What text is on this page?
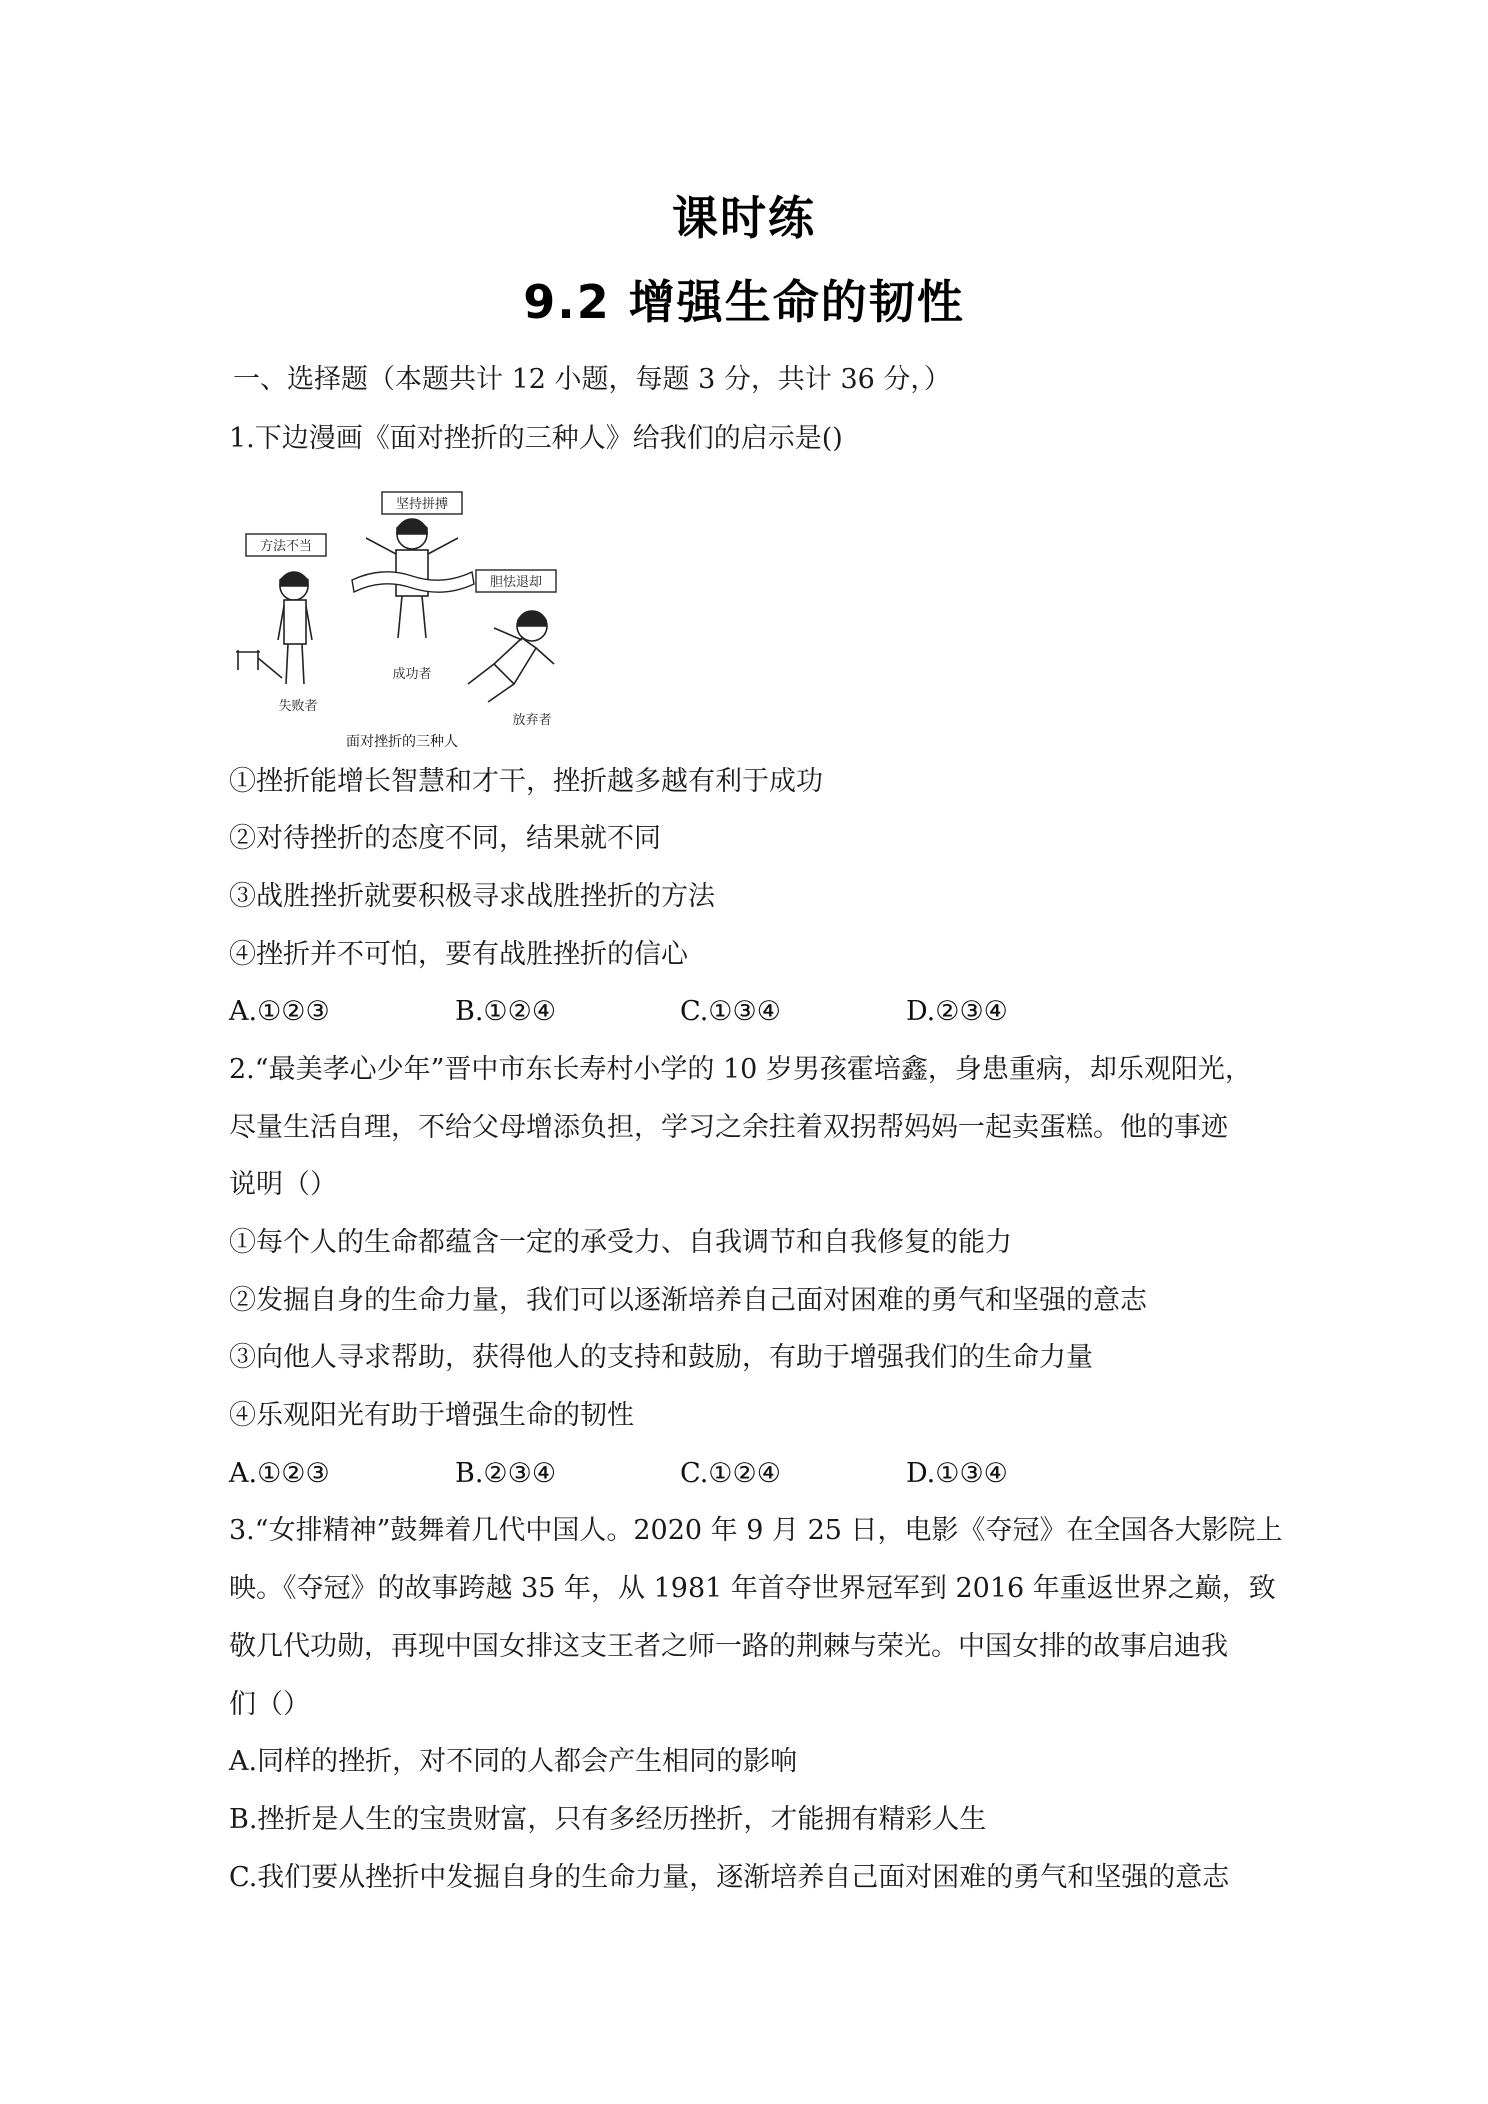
课时练
9.2 增强生命的韧性
一、选择题（本题共计 12 小题，每题 3 分，共计 36 分，）
1.下边漫画《面对挫折的三种人》给我们的启示是()
坚持拼搏
方法不当
胆怯退却
失败者
成功者
放弃者
面对挫折的三种人
①挫折能增长智慧和才干，挫折越多越有利于成功
②对待挫折的态度不同，结果就不同
③战胜挫折就要积极寻求战胜挫折的方法
④挫折并不可怕，要有战胜挫折的信心
A.①②③	B.①②④	C.①③④	D.②③④
2.“最美孝心少年”晋中市东长寿村小学的 10 岁男孩霍培鑫，身患重病，却乐观阳光，
尽量生活自理，不给父母增添负担，学习之余拄着双拐帮妈妈一起卖蛋糕。他的事迹
说明（）
①每个人的生命都蕴含一定的承受力、自我调节和自我修复的能力
②发掘自身的生命力量，我们可以逐渐培养自己面对困难的勇气和坚强的意志
③向他人寻求帮助，获得他人的支持和鼓励，有助于增强我们的生命力量
④乐观阳光有助于增强生命的韧性
A.①②③	B.②③④	C.①②④	D.①③④
3.“女排精神”鼓舞着几代中国人。2020 年 9 月 25 日，电影《夺冠》在全国各大影院上
映。《夺冠》的故事跨越 35 年，从 1981 年首夺世界冠军到 2016 年重返世界之巅，致
敬几代功勋，再现中国女排这支王者之师一路的荆棘与荣光。中国女排的故事启迪我
们（）
A.同样的挫折，对不同的人都会产生相同的影响
B.挫折是人生的宝贵财富，只有多经历挫折，才能拥有精彩人生
C.我们要从挫折中发掘自身的生命力量，逐渐培养自己面对困难的勇气和坚强的意志
